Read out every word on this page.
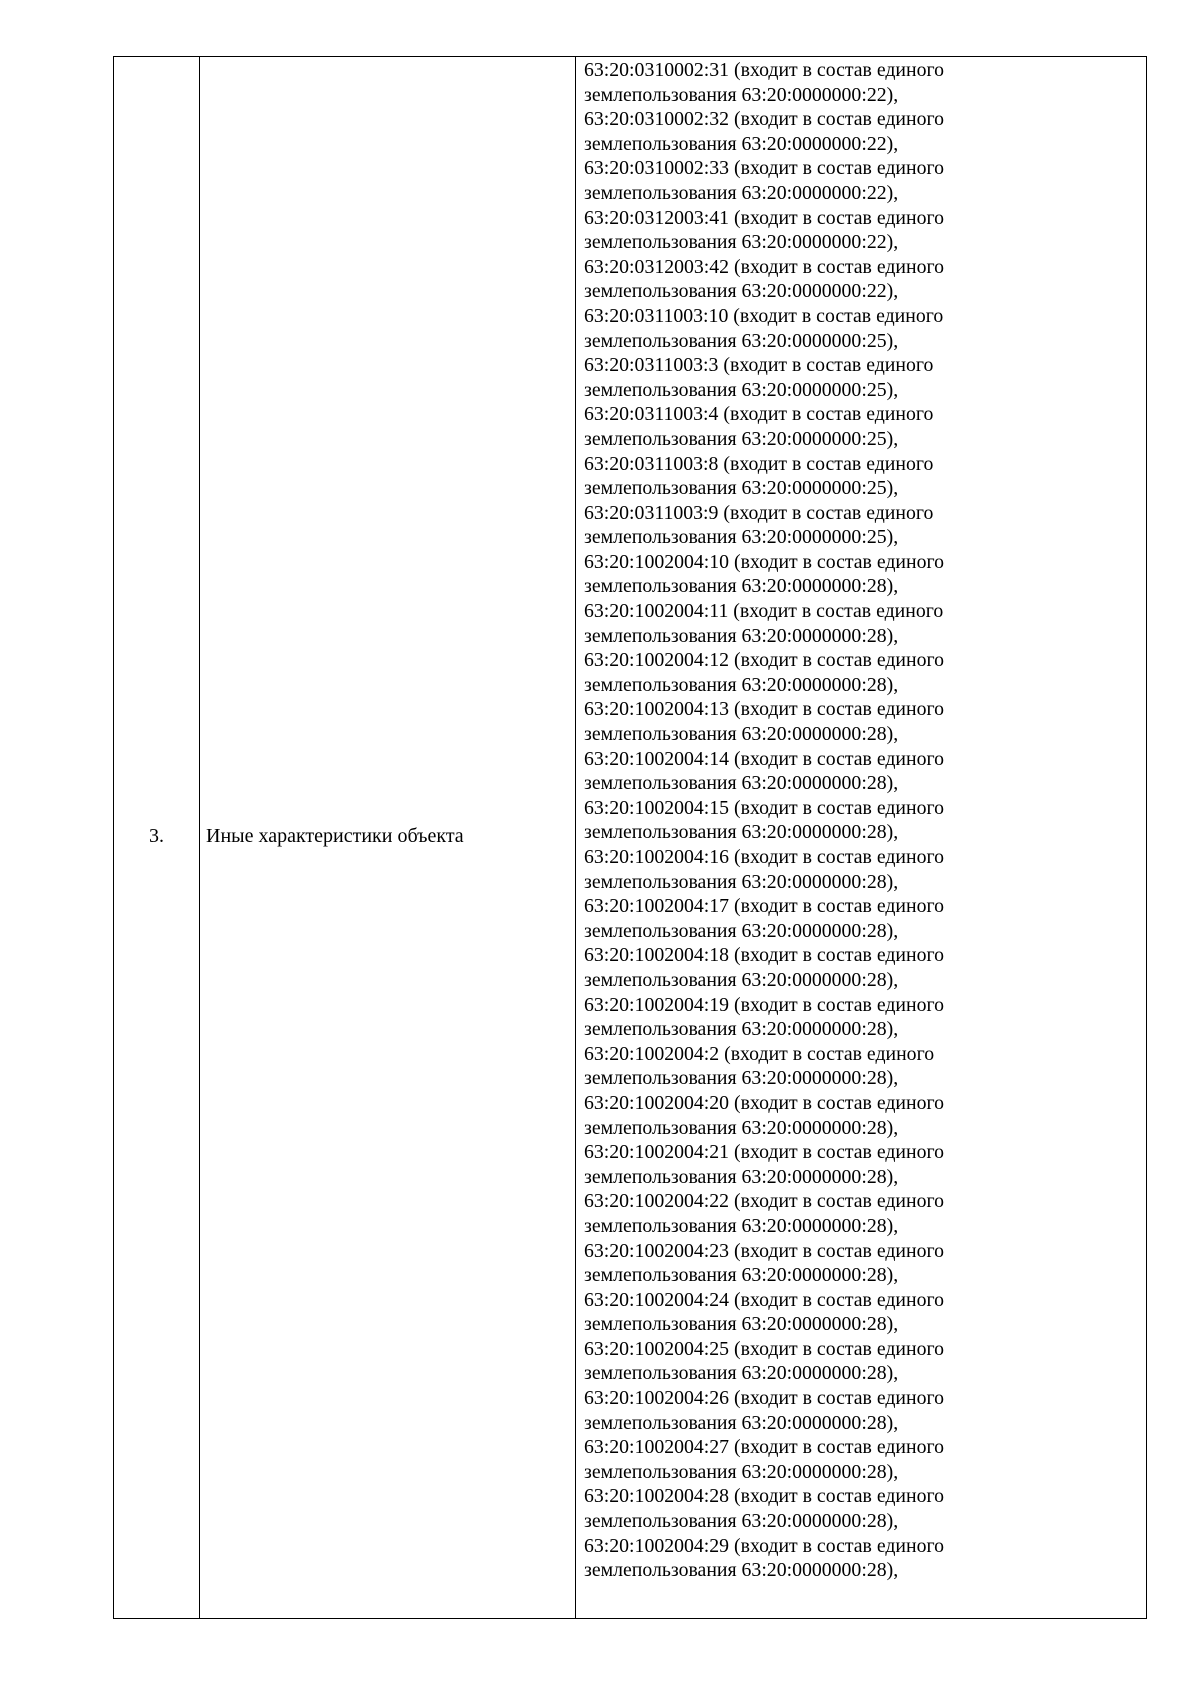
3. Иные характеристики объекта
63:20:0310002:31 (входит в состав единого
землепользования 63:20:0000000:22),
63:20:0310002:32 (входит в состав единого
землепользования 63:20:0000000:22),
63:20:0310002:33 (входит в состав единого
землепользования 63:20:0000000:22),
63:20:0312003:41 (входит в состав единого
землепользования 63:20:0000000:22),
63:20:0312003:42 (входит в состав единого
землепользования 63:20:0000000:22),
63:20:0311003:10 (входит в состав единого
землепользования 63:20:0000000:25),
63:20:0311003:3 (входит в состав единого
землепользования 63:20:0000000:25),
63:20:0311003:4 (входит в состав единого
землепользования 63:20:0000000:25),
63:20:0311003:8 (входит в состав единого
землепользования 63:20:0000000:25),
63:20:0311003:9 (входит в состав единого
землепользования 63:20:0000000:25),
63:20:1002004:10 (входит в состав единого
землепользования 63:20:0000000:28),
63:20:1002004:11 (входит в состав единого
землепользования 63:20:0000000:28),
63:20:1002004:12 (входит в состав единого
землепользования 63:20:0000000:28),
63:20:1002004:13 (входит в состав единого
землепользования 63:20:0000000:28),
63:20:1002004:14 (входит в состав единого
землепользования 63:20:0000000:28),
63:20:1002004:15 (входит в состав единого
землепользования 63:20:0000000:28),
63:20:1002004:16 (входит в состав единого
землепользования 63:20:0000000:28),
63:20:1002004:17 (входит в состав единого
землепользования 63:20:0000000:28),
63:20:1002004:18 (входит в состав единого
землепользования 63:20:0000000:28),
63:20:1002004:19 (входит в состав единого
землепользования 63:20:0000000:28),
63:20:1002004:2 (входит в состав единого
землепользования 63:20:0000000:28),
63:20:1002004:20 (входит в состав единого
землепользования 63:20:0000000:28),
63:20:1002004:21 (входит в состав единого
землепользования 63:20:0000000:28),
63:20:1002004:22 (входит в состав единого
землепользования 63:20:0000000:28),
63:20:1002004:23 (входит в состав единого
землепользования 63:20:0000000:28),
63:20:1002004:24 (входит в состав единого
землепользования 63:20:0000000:28),
63:20:1002004:25 (входит в состав единого
землепользования 63:20:0000000:28),
63:20:1002004:26 (входит в состав единого
землепользования 63:20:0000000:28),
63:20:1002004:27 (входит в состав единого
землепользования 63:20:0000000:28),
63:20:1002004:28 (входит в состав единого
землепользования 63:20:0000000:28),
63:20:1002004:29 (входит в состав единого
землепользования 63:20:0000000:28),
